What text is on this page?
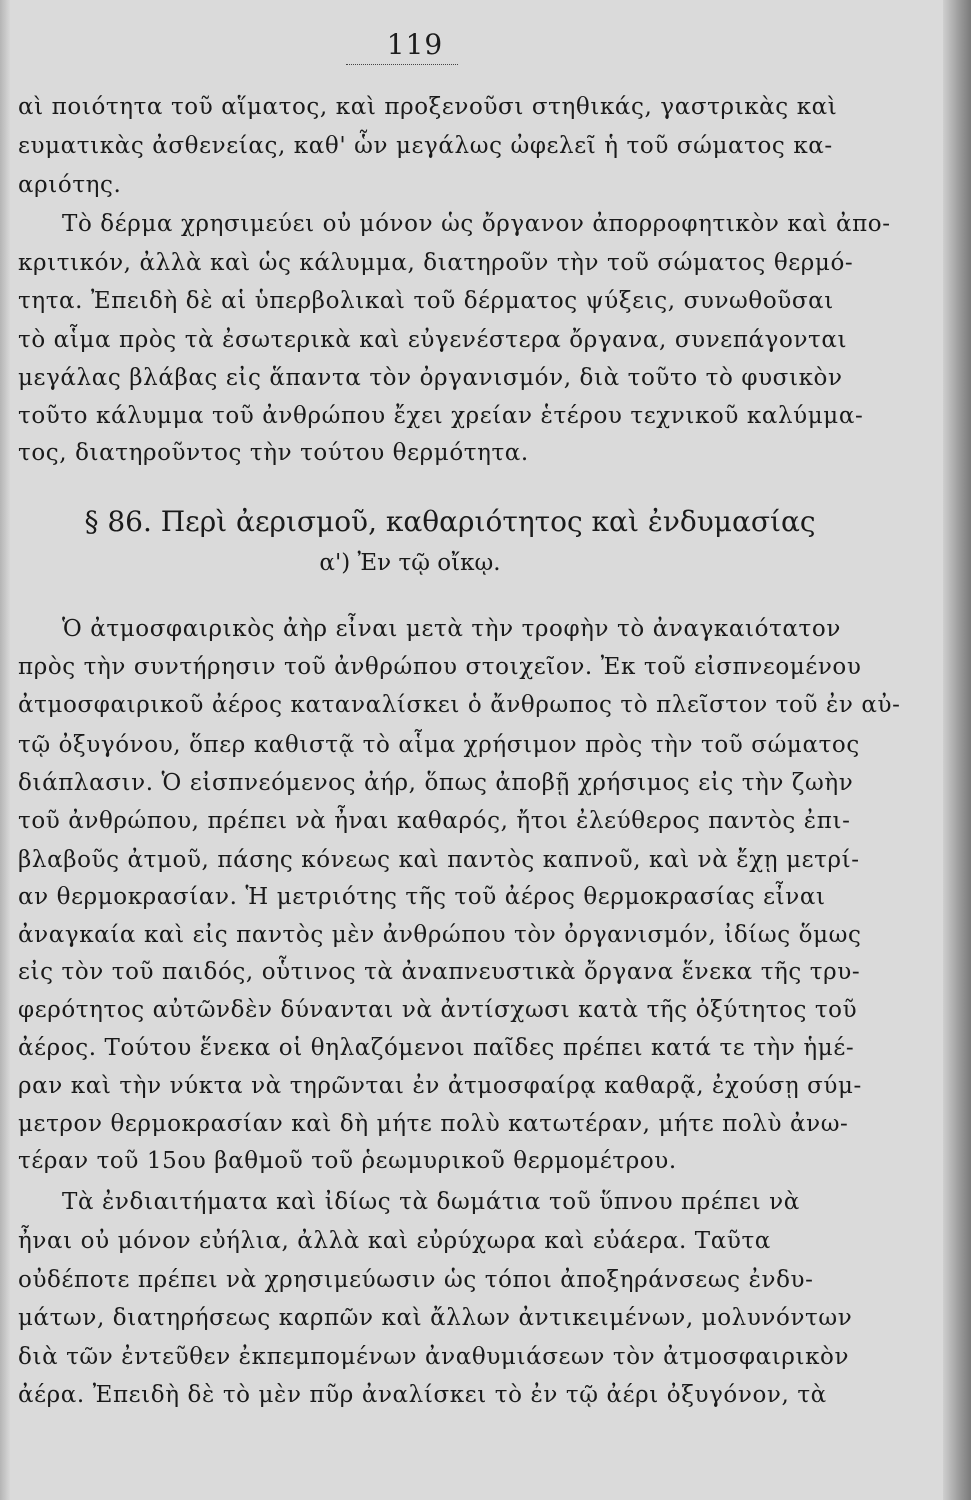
119
αὶ ποιότητα τοῦ αἵματος, καὶ προξενοῦσι στηθικάς, γαστρικὰς καὶ
ευματικὰς ἀσθενείας, καθ' ὧν μεγάλως ὠφελεῖ ἡ τοῦ σώματος κα-
αριότης.
Τὸ δέρμα χρησιμεύει οὐ μόνον ὡς ὄργανον ἀπορροφητικὸν καὶ ἀπο-
κριτικόν, ἀλλὰ καὶ ὡς κάλυμμα, διατηροῦν τὴν τοῦ σώματος θερμό-
τητα. Ἐπειδὴ δὲ αἱ ὑπερβολικαὶ τοῦ δέρματος ψύξεις, συνωθοῦσαι
τὸ αἷμα πρὸς τὰ ἐσωτερικὰ καὶ εὐγενέστερα ὄργανα, συνεπάγονται
μεγάλας βλάβας εἰς ἅπαντα τὸν ὀργανισμόν, διὰ τοῦτο τὸ φυσικὸν
τοῦτο κάλυμμα τοῦ ἀνθρώπου ἔχει χρείαν ἑτέρου τεχνικοῦ καλύμμα-
τος, διατηροῦντος τὴν τούτου θερμότητα.
§ 86. Περὶ ἀερισμοῦ, καθαριότητος καὶ ἐνδυμασίας
α') Ἐν τῷ οἴκῳ.
Ὁ ἀτμοσφαιρικὸς ἀὴρ εἶναι μετὰ τὴν τροφὴν τὸ ἀναγκαιότατον
πρὸς τὴν συντήρησιν τοῦ ἀνθρώπου στοιχεῖον. Ἐκ τοῦ εἰσπνεομένου
ἀτμοσφαιρικοῦ ἀέρος καταναλίσκει ὁ ἄνθρωπος τὸ πλεῖστον τοῦ ἐν αὐ-
τῷ ὀξυγόνου, ὅπερ καθιστᾷ τὸ αἷμα χρήσιμον πρὸς τὴν τοῦ σώματος
διάπλασιν. Ὁ εἰσπνεόμενος ἀήρ, ὅπως ἀποβῇ χρήσιμος εἰς τὴν ζωὴν
τοῦ ἀνθρώπου, πρέπει νὰ ἦναι καθαρός, ἤτοι ἐλεύθερος παντὸς ἐπι-
βλαβοῦς ἀτμοῦ, πάσης κόνεως καὶ παντὸς καπνοῦ, καὶ νὰ ἔχῃ μετρί-
αν θερμοκρασίαν. Ἡ μετριότης τῆς τοῦ ἀέρος θερμοκρασίας εἶναι
ἀναγκαία καὶ εἰς παντὸς μὲν ἀνθρώπου τὸν ὀργανισμόν, ἰδίως ὅμως
εἰς τὸν τοῦ παιδός, οὗτινος τὰ ἀναπνευστικὰ ὄργανα ἕνεκα τῆς τρυ-
φερότητος αὐτῶνδὲν δύνανται νὰ ἀντίσχωσι κατὰ τῆς ὀξύτητος τοῦ
ἀέρος. Τούτου ἕνεκα οἱ θηλαζόμενοι παῖδες πρέπει κατά τε τὴν ἡμέ-
ραν καὶ τὴν νύκτα νὰ τηρῶνται ἐν ἀτμοσφαίρᾳ καθαρᾷ, ἐχούσῃ σύμ-
μετρον θερμοκρασίαν καὶ δὴ μήτε πολὺ κατωτέραν, μήτε πολὺ ἀνω-
τέραν τοῦ 15ου βαθμοῦ τοῦ ῥεωμυρικοῦ θερμομέτρου.
Τὰ ἐνδιαιτήματα καὶ ἰδίως τὰ δωμάτια τοῦ ὕπνου πρέπει νὰ
ἦναι οὐ μόνον εὐήλια, ἀλλὰ καὶ εὐρύχωρα καὶ εὐάερα. Ταῦτα
οὐδέποτε πρέπει νὰ χρησιμεύωσιν ὡς τόποι ἀποξηράνσεως ἐνδυ-
μάτων, διατηρήσεως καρπῶν καὶ ἄλλων ἀντικειμένων, μολυνόντων
διὰ τῶν ἐντεῦθεν ἐκπεμπομένων ἀναθυμιάσεων τὸν ἀτμοσφαιρικὸν
ἀέρα. Ἐπειδὴ δὲ τὸ μὲν πῦρ ἀναλίσκει τὸ ἐν τῷ ἀέρι ὀξυγόνον, τὰ
